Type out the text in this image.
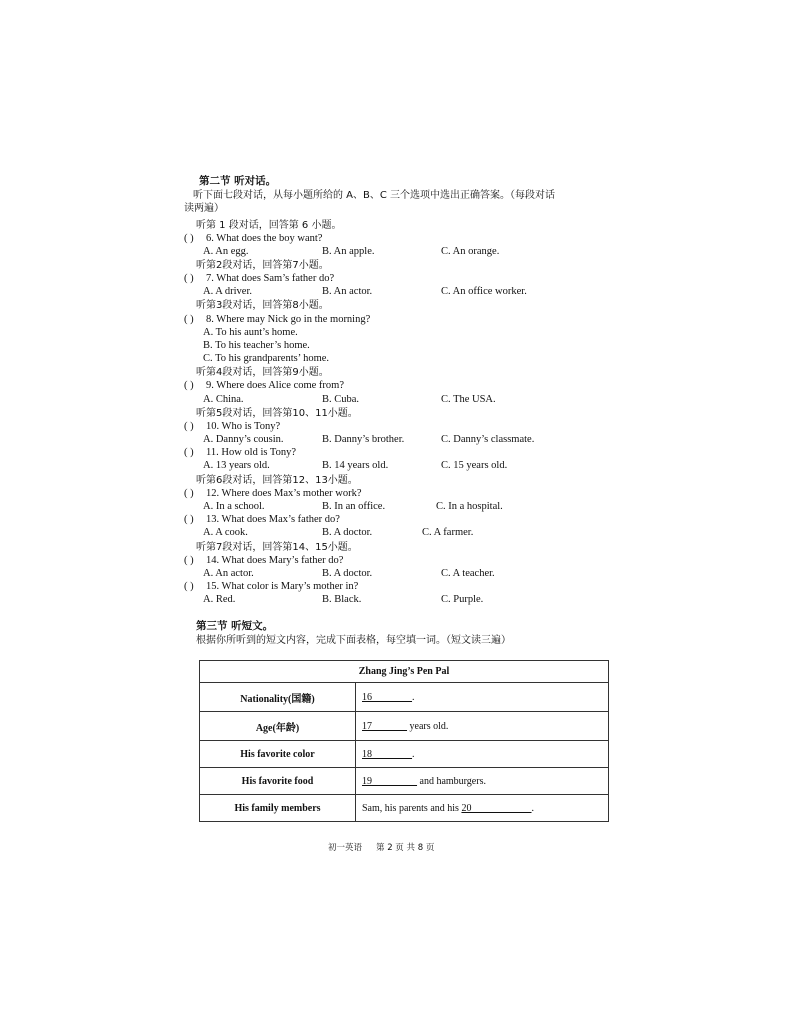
第二节 听对话。
听下面七段对话，从每小题所给的 A、B、C 三个选项中选出正确答案。（每段对话
读两遍）
听第 1 段对话，回答第 6 小题。
( ) 6. What does the boy want?
A. An egg.	B. An apple.	C. An orange.
听第2段对话，回答第7小题。
( ) 7. What does Sam’s father do?
A. A driver.	B. An actor.	C. An office worker.
听第3段对话，回答第8小题。
( ) 8. Where may Nick go in the morning?
A. To his aunt’s home.
B. To his teacher’s home.
C. To his grandparents’ home.
听第4段对话，回答第9小题。
( ) 9. Where does Alice come from?
A. China.	B. Cuba.	C. The USA.
听第5段对话，回答第10、11小题。
( ) 10. Who is Tony?
A. Danny’s cousin.	B. Danny’s brother.	C. Danny’s classmate.
( ) 11. How old is Tony?
A. 13 years old.	B. 14 years old.	C. 15 years old.
听第6段对话，回答第12、13小题。
( ) 12. Where does Max’s mother work?
A. In a school.	B. In an office.	C. In a hospital.
( ) 13. What does Max’s father do?
A. A cook.	B. A doctor.	C. A farmer.
听第7段对话，回答第14、15小题。
( ) 14. What does Mary’s father do?
A. An actor.	B. A doctor.	C. A teacher.
( ) 15. What color is Mary’s mother in?
A. Red.	B. Black.	C. Purple.
第三节 听短文。
根据你所听到的短文内容，完成下面表格，每空填一词。（短文读三遍）
Zhang Jing’s Pen Pal	
Nationality(国籍)	16________.
Age(年龄)	17_______ years old.
His favorite color	18________.
His favorite food	19_________ and hamburgers.
His family members	Sam, his parents and his 20____________.
初一英语 第 2 页 共 8 页
